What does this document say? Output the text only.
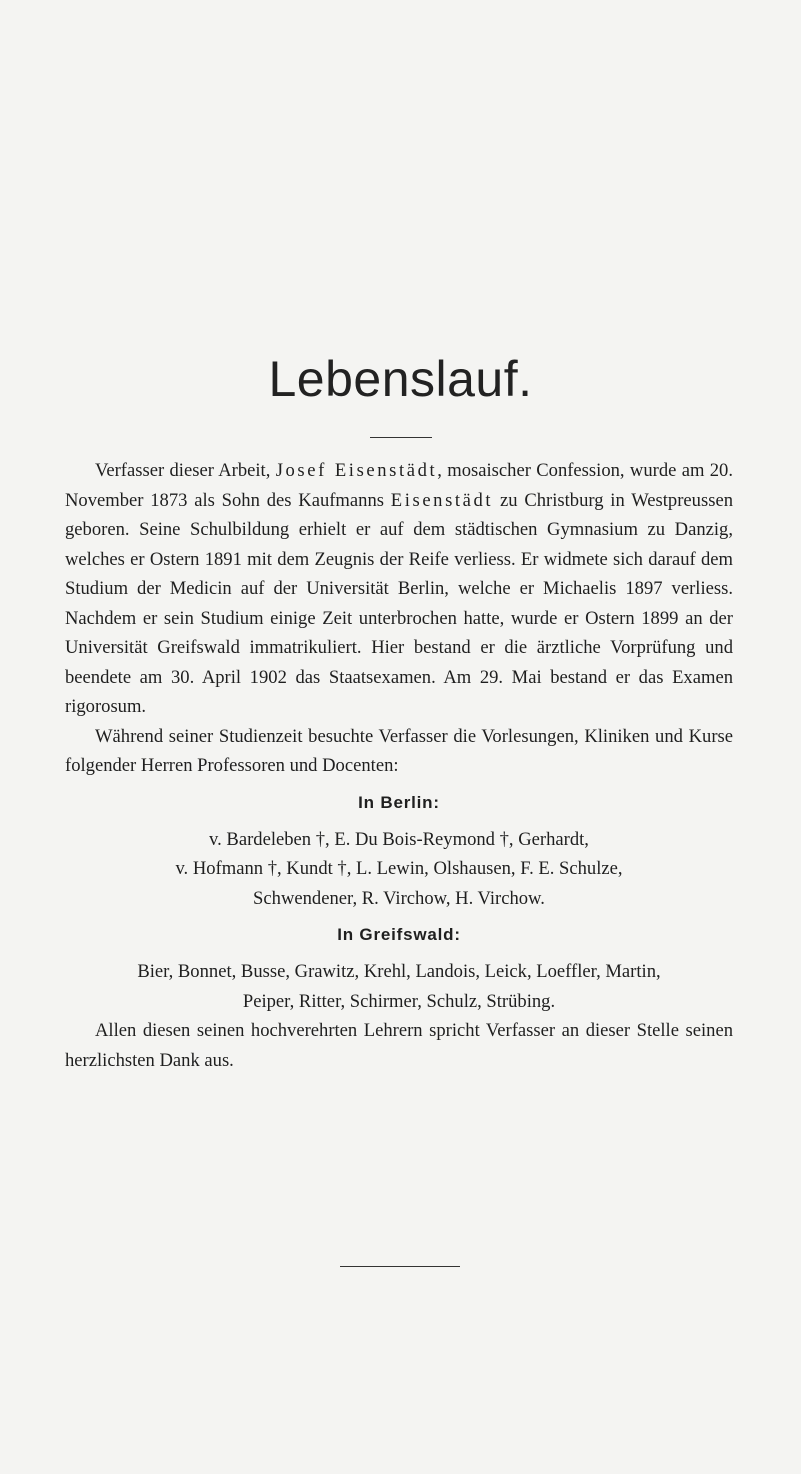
Lebenslauf.

Verfasser dieser Arbeit, Josef Eisenstädt, mosaischer Confession, wurde am 20. November 1873 als Sohn des Kaufmanns Eisenstädt zu Christburg in Westpreussen geboren. Seine Schulbildung erhielt er auf dem städtischen Gymnasium zu Danzig, welches er Ostern 1891 mit dem Zeugnis der Reife verliess. Er widmete sich darauf dem Studium der Medicin auf der Universität Berlin, welche er Michaelis 1897 verliess. Nachdem er sein Studium einige Zeit unterbrochen hatte, wurde er Ostern 1899 an der Universität Greifswald immatrikuliert. Hier bestand er die ärztliche Vorprüfung und beendete am 30. April 1902 das Staatsexamen. Am 29. Mai bestand er das Examen rigorosum.

Während seiner Studienzeit besuchte Verfasser die Vorlesungen, Kliniken und Kurse folgender Herren Professoren und Docenten:

In Berlin:

v. Bardeleben †, E. Du Bois-Reymond †, Gerhardt,
v. Hofmann †, Kundt †, L. Lewin, Olshausen, F. E. Schulze,
Schwendener, R. Virchow, H. Virchow.

In Greifswald:

Bier, Bonnet, Busse, Grawitz, Krehl, Landois, Leick, Loeffler, Martin,
Peiper, Ritter, Schirmer, Schulz, Strübing.

Allen diesen seinen hochverehrten Lehrern spricht Verfasser an dieser Stelle seinen herzlichsten Dank aus.
